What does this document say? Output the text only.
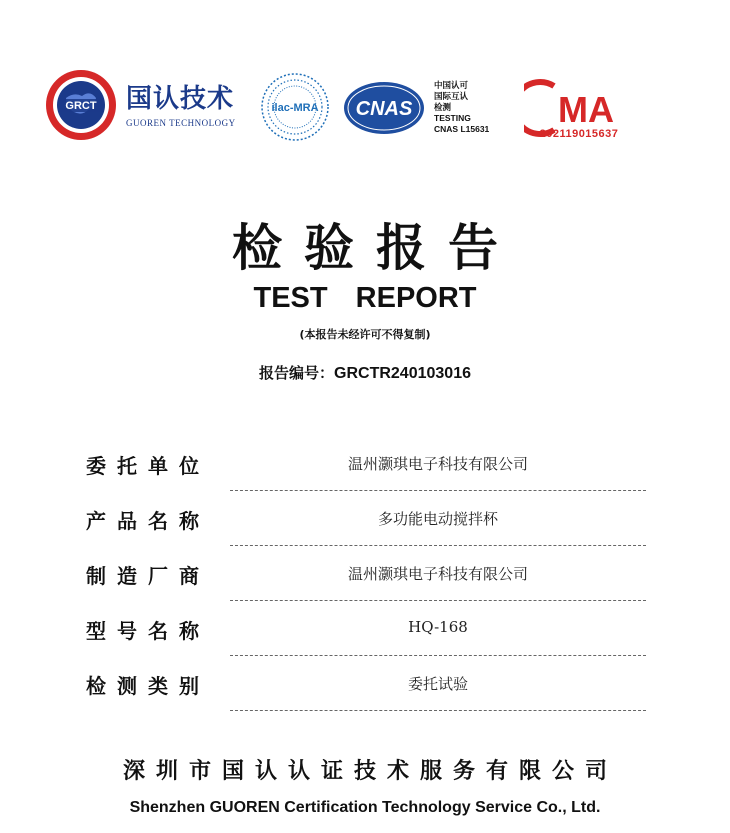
GRCT 国认技术
GUOREN TECHNOLOGY
ilac-MRA CNAS
中国认可
国际互认
检测
TESTING
CNAS L15631 MA
202119015637
检验报告
TEST REPORT
(本报告未经许可不得复制)
报告编号：GRCTR240103016
委托单位	温州灏琪电子科技有限公司
产品名称	多功能电动搅拌杯
制造厂商	温州灏琪电子科技有限公司
型号名称	HQ-168
检测类别	委托试验
深圳市国认认证技术服务有限公司
Shenzhen GUOREN Certification Technology Service Co., Ltd.
